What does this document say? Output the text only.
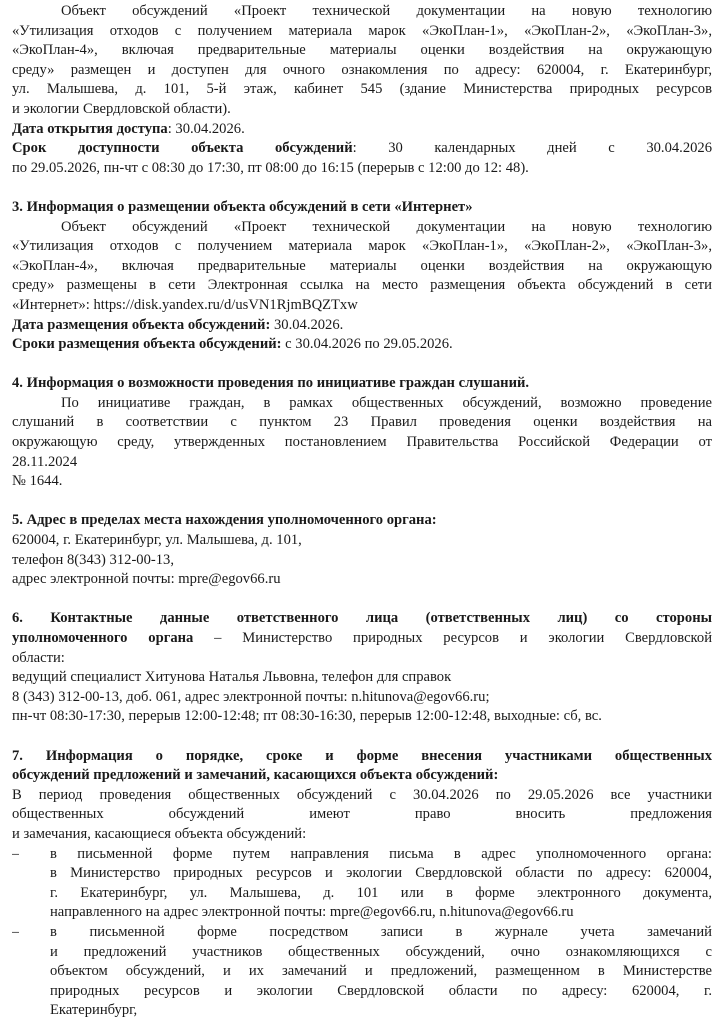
Объект обсуждений «Проект технической документации на новую технологию
«Утилизация отходов с получением материала марок «ЭкоПлан-1», «ЭкоПлан-2», «ЭкоПлан-3»,
«ЭкоПлан-4», включая предварительные материалы оценки воздействия на окружающую
среду» размещен и доступен для очного ознакомления по адресу: 620004, г. Екатеринбург,
ул. Малышева, д. 101, 5-й этаж, кабинет 545 (здание Министерства природных ресурсов
и экологии Свердловской области).
Дата открытия доступа: 30.04.2026.
Срок доступности объекта обсуждений: 30 календарных дней с 30.04.2026
по 29.05.2026, пн-чт с 08:30 до 17:30, пт 08:00 до 16:15 (перерыв с 12:00 до 12: 48).
3. Информация о размещении объекта обсуждений в сети «Интернет»
Объект обсуждений «Проект технической документации на новую технологию
«Утилизация отходов с получением материала марок «ЭкоПлан-1», «ЭкоПлан-2», «ЭкоПлан-3»,
«ЭкоПлан-4», включая предварительные материалы оценки воздействия на окружающую
среду» размещены в сети Электронная ссылка на место размещения объекта обсуждений в сети
«Интернет»: https://disk.yandex.ru/d/usVN1RjmBQZTxw
Дата размещения объекта обсуждений: 30.04.2026.
Сроки размещения объекта обсуждений: с 30.04.2026 по 29.05.2026.
4. Информация о возможности проведения по инициативе граждан слушаний.
По инициативе граждан, в рамках общественных обсуждений, возможно проведение
слушаний в соответствии с пунктом 23 Правил проведения оценки воздействия на
окружающую среду, утвержденных постановлением Правительства Российской Федерации от
28.11.2024
№ 1644.
5. Адрес в пределах места нахождения уполномоченного органа:
620004, г. Екатеринбург, ул. Малышева, д. 101,
телефон 8(343) 312-00-13,
адрес электронной почты: mpre@egov66.ru
6. Контактные данные ответственного лица (ответственных лиц) со стороны
уполномоченного органа – Министерство природных ресурсов и экологии Свердловской
области:
ведущий специалист Хитунова Наталья Львовна, телефон для справок
8 (343) 312-00-13, доб. 061, адрес электронной почты: n.hitunova@egov66.ru;
пн-чт 08:30-17:30, перерыв 12:00-12:48; пт 08:30-16:30, перерыв 12:00-12:48, выходные: сб, вс.
7. Информация о порядке, сроке и форме внесения участниками общественных
обсуждений предложений и замечаний, касающихся объекта обсуждений:
В период проведения общественных обсуждений с 30.04.2026 по 29.05.2026 все участники
общественных обсуждений имеют право вносить предложения
и замечания, касающиеся объекта обсуждений:
– в письменной форме путем направления письма в адрес уполномоченного органа:
в Министерство природных ресурсов и экологии Свердловской области по адресу: 620004,
г. Екатеринбург, ул. Малышева, д. 101 или в форме электронного документа,
направленного на адрес электронной почты: mpre@egov66.ru, n.hitunova@egov66.ru
– в письменной форме посредством записи в журнале учета замечаний
и предложений участников общественных обсуждений, очно ознакомляющихся с
объектом обсуждений, и их замечаний и предложений, размещенном в Министерстве
природных ресурсов и экологии Свердловской области по адресу: 620004, г.
Екатеринбург,
